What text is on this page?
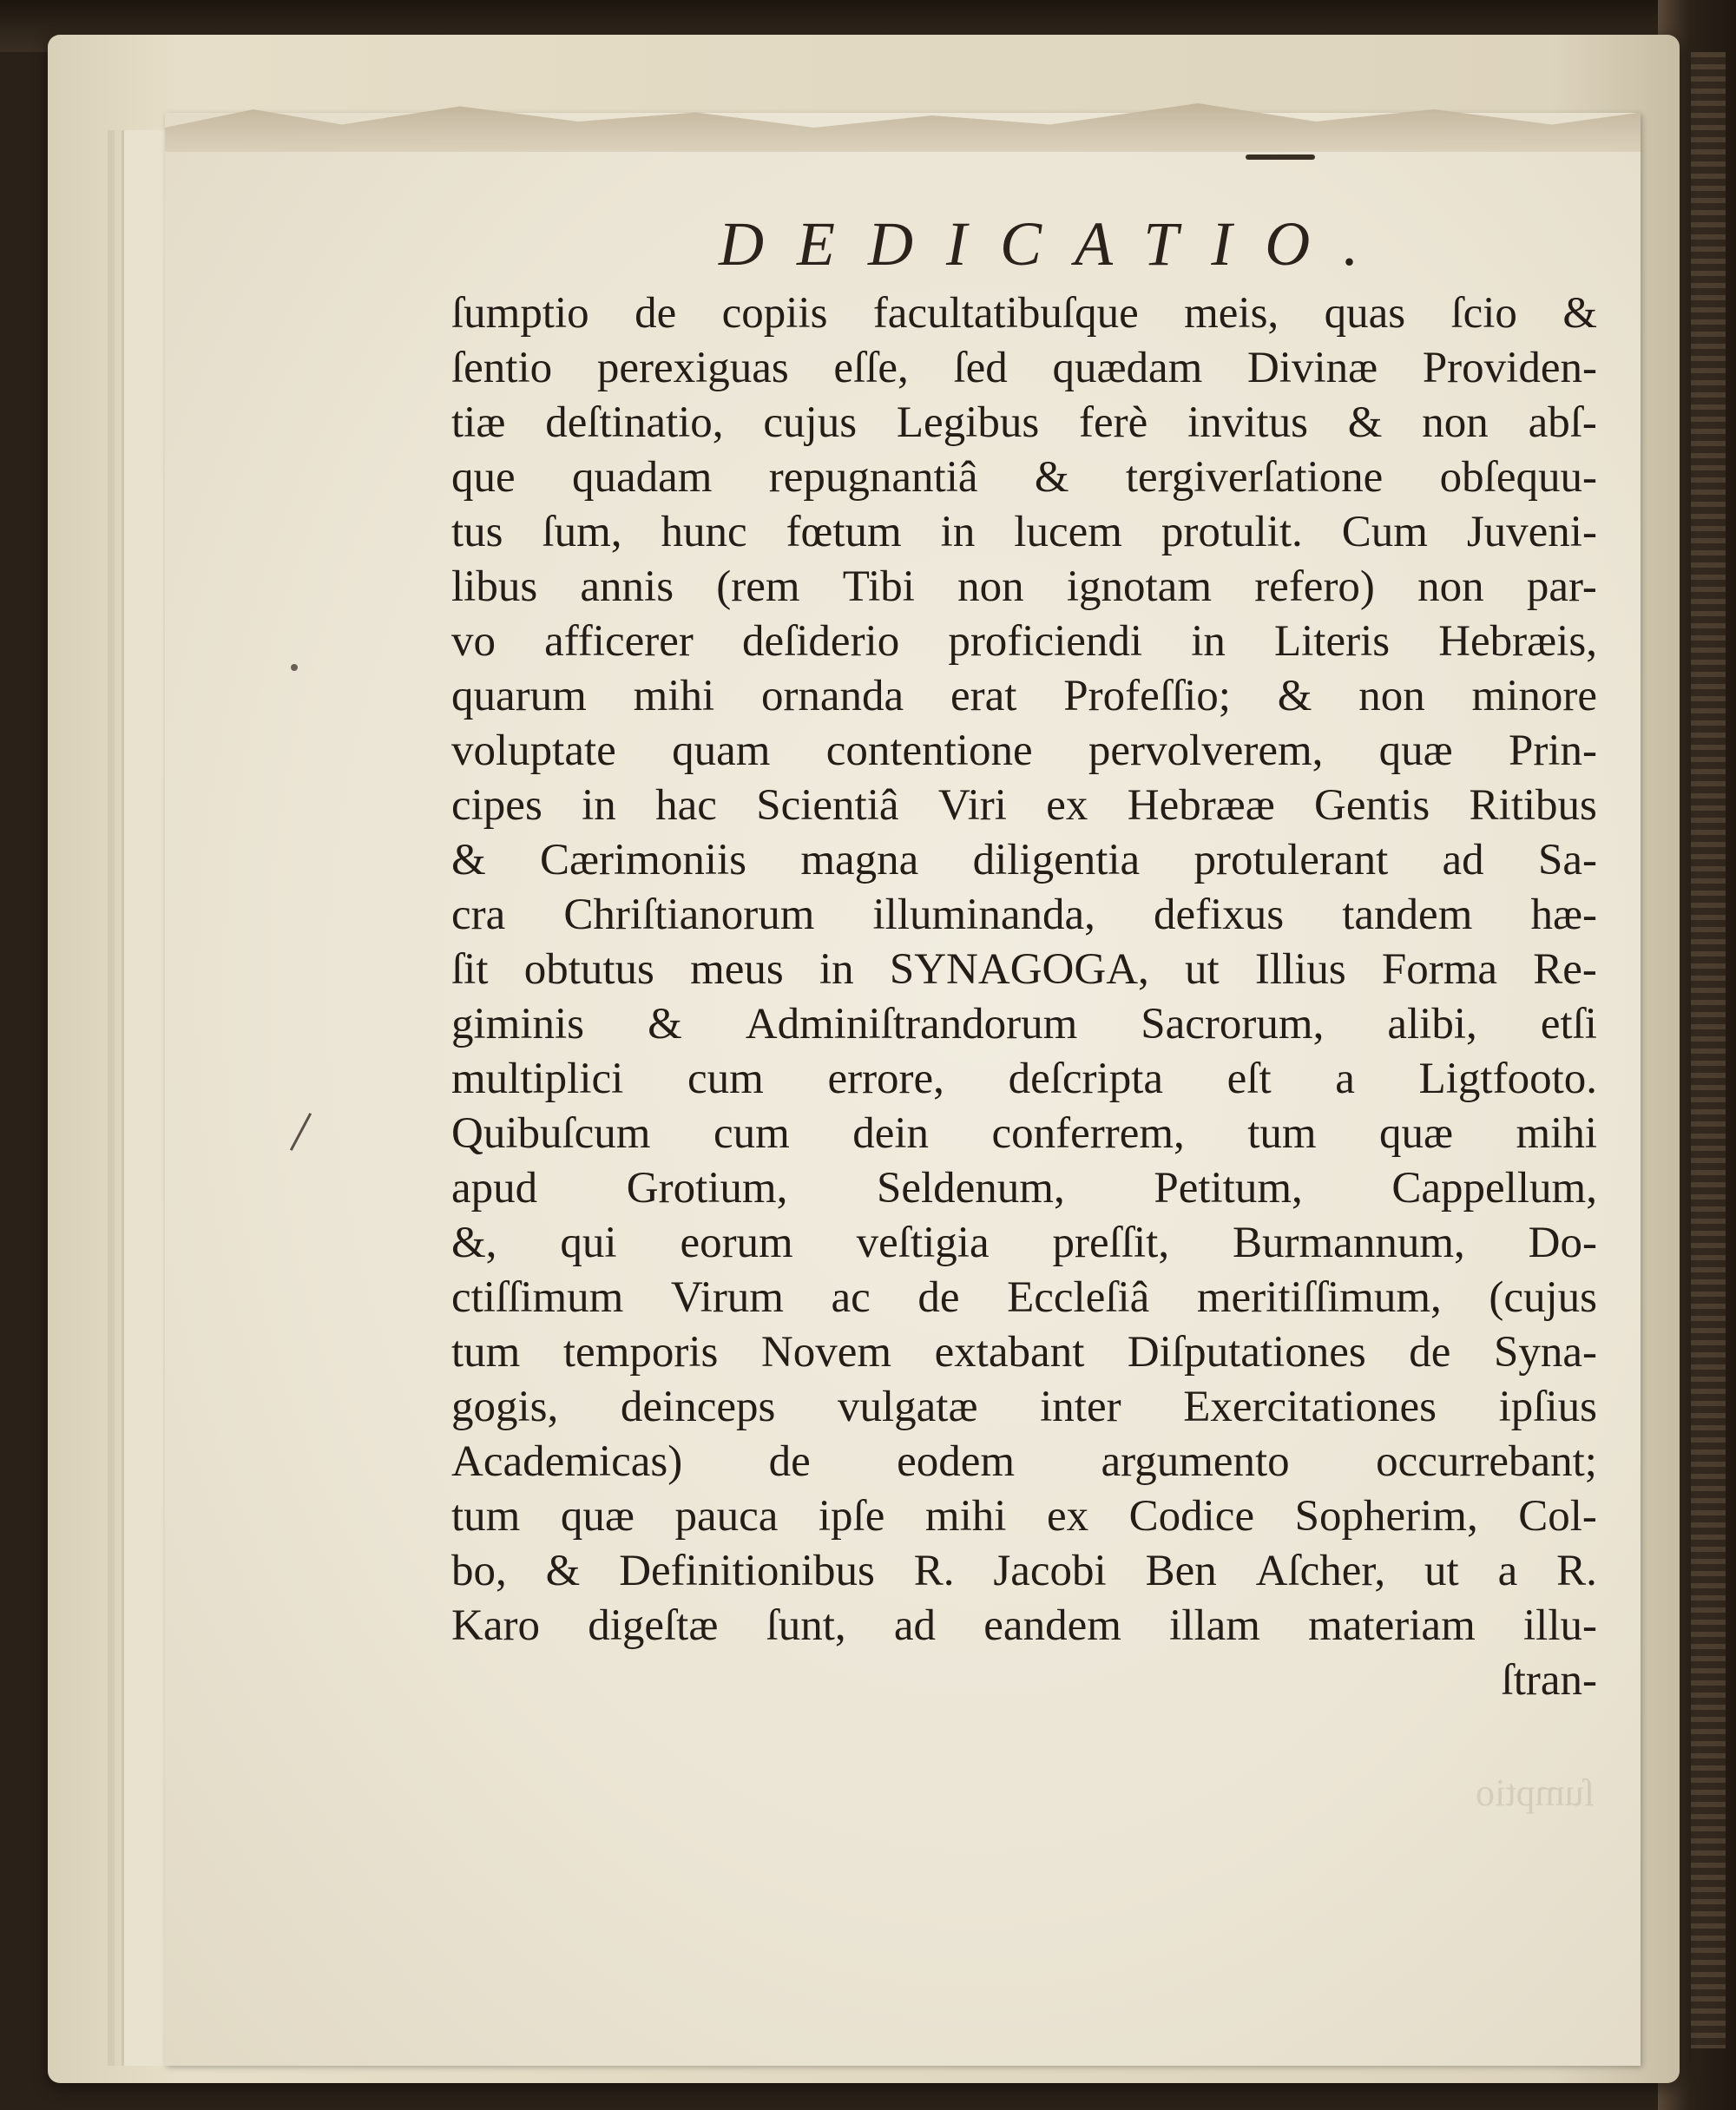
DEDICATIO.
ſumptio de copiis facultatibuſque meis, quas ſcio &
ſentio perexiguas eſſe, ſed quædam Divinæ Providen-
tiæ deſtinatio, cujus Legibus ferè invitus & non abſ-
que quadam repugnantiâ & tergiverſatione obſequu-
tus ſum, hunc fœtum in lucem protulit. Cum Juveni-
libus annis (rem Tibi non ignotam refero) non par-
vo afficerer deſiderio proficiendi in Literis Hebræis,
quarum mihi ornanda erat Profeſſio; & non minore
voluptate quam contentione pervolverem, quæ Prin-
cipes in hac Scientiâ Viri ex Hebrææ Gentis Ritibus
& Cærimoniis magna diligentia protulerant ad Sa-
cra Chriſtianorum illuminanda, defixus tandem hæ-
ſit obtutus meus in SYNAGOGA, ut Illius Forma Re-
giminis & Adminiſtrandorum Sacrorum, alibi, etſi
multiplici cum errore, deſcripta eſt a Ligtfooto.
Quibuſcum cum dein conferrem, tum quæ mihi
apud Grotium, Seldenum, Petitum, Cappellum,
&, qui eorum veſtigia preſſit, Burmannum, Do-
ctiſſimum Virum ac de Eccleſiâ meritiſſimum, (cujus
tum temporis Novem extabant Diſputationes de Syna-
gogis, deinceps vulgatæ inter Exercitationes ipſius
Academicas) de eodem argumento occurrebant;
tum quæ pauca ipſe mihi ex Codice Sopherim, Col-
bo, & Definitionibus R. Jacobi Ben Aſcher, ut a R.
Karo digeſtæ ſunt, ad eandem illam materiam illu-
ſtran-
ſumptio
